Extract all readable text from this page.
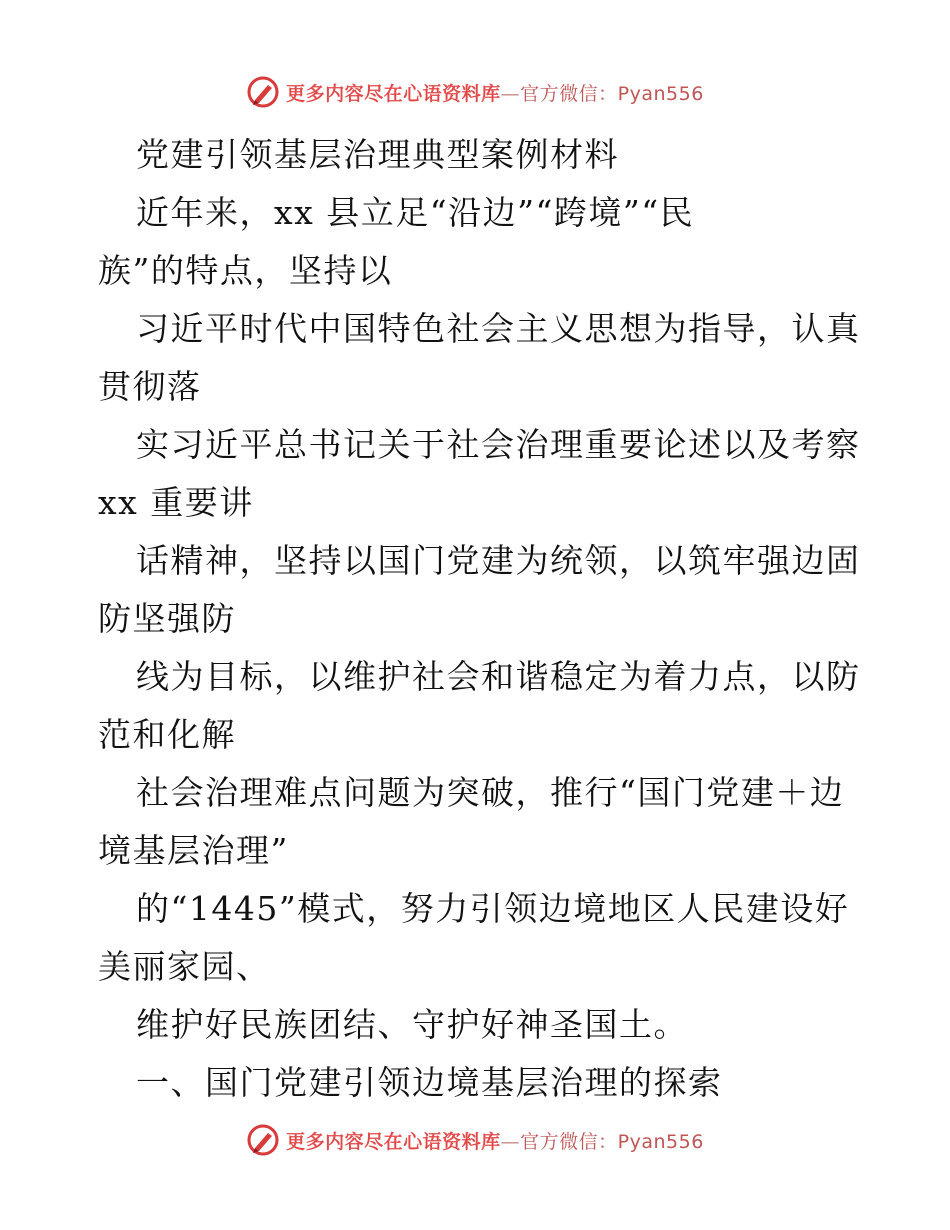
更多内容尽在心语资料库—官方微信：Pyan556
党建引领基层治理典型案例材料
近年来，xx 县立足“沿边”“跨境”“民
族”的特点，坚持以
习近平时代中国特色社会主义思想为指导，认真
贯彻落
实习近平总书记关于社会治理重要论述以及考察
xx 重要讲
话精神，坚持以国门党建为统领，以筑牢强边固
防坚强防
线为目标，以维护社会和谐稳定为着力点，以防
范和化解
社会治理难点问题为突破，推行“国门党建＋边
境基层治理”
的“1445”模式，努力引领边境地区人民建设好
美丽家园、
维护好民族团结、守护好神圣国土。
一、国门党建引领边境基层治理的探索
更多内容尽在心语资料库—官方微信：Pyan556
